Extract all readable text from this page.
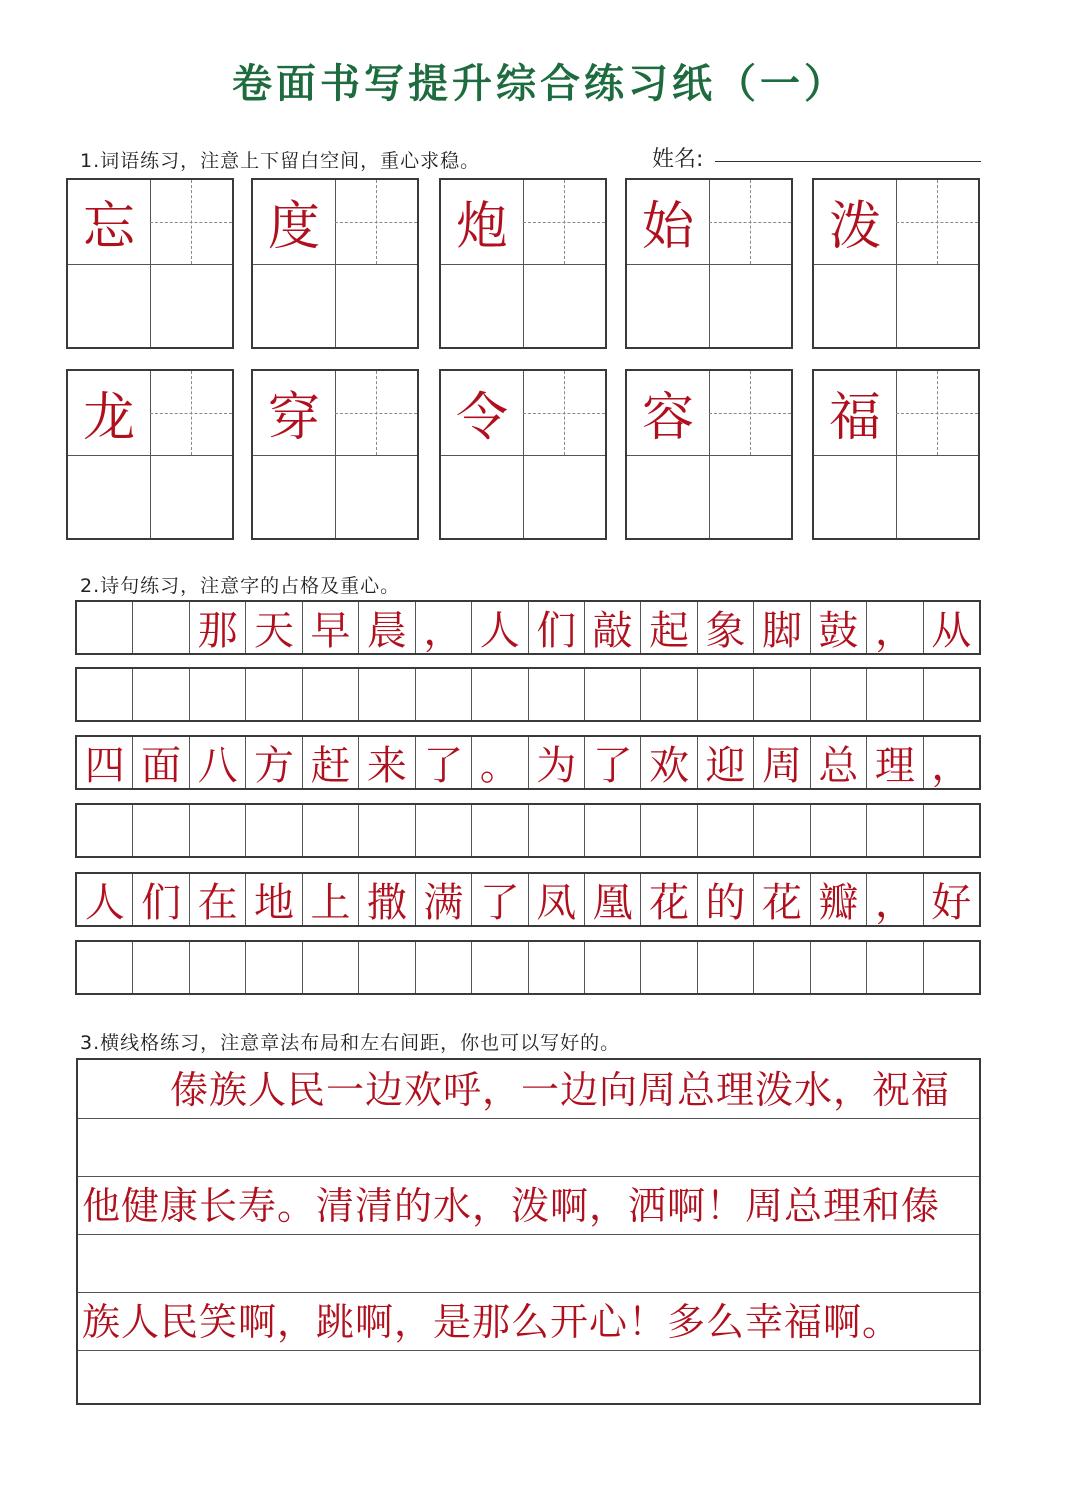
卷面书写提升综合练习纸（一）
1.词语练习，注意上下留白空间，重心求稳。	姓名:
忘	度	炮	始	泼
龙	穿	令	容	福
2.诗句练习，注意字的占格及重心。
那 天 早 晨 ， 人 们 敲 起 象 脚 鼓 ， 从
四 面 八 方 赶 来 了 。 为 了 欢 迎 周 总 理 ，
人 们 在 地 上 撒 满 了 凤 凰 花 的 花 瓣 ， 好
3.横线格练习，注意章法布局和左右间距，你也可以写好的。
傣族人民一边欢呼，一边向周总理泼水，祝福
他健康长寿。清清的水，泼啊，洒啊！周总理和傣
族人民笑啊，跳啊，是那么开心！多么幸福啊。
